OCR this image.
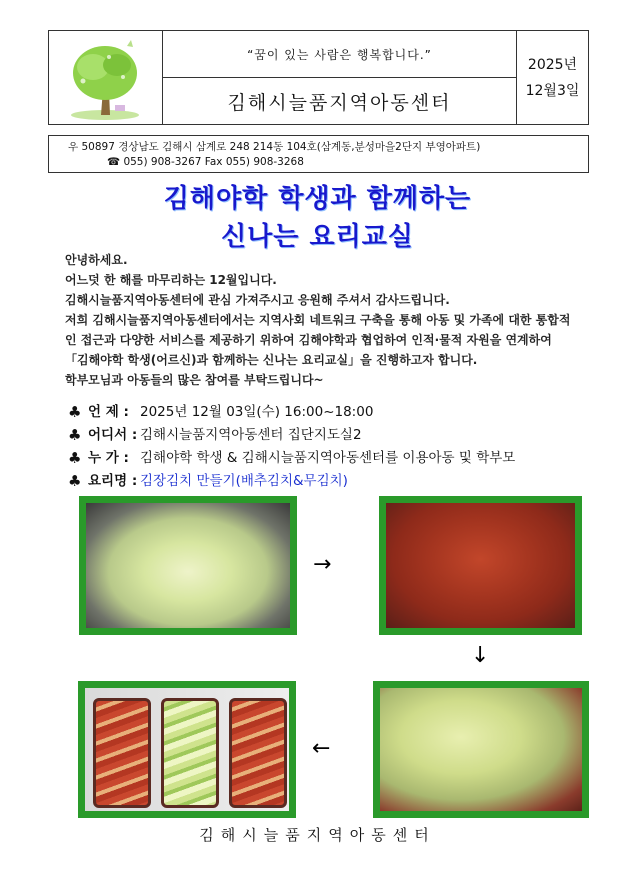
“꿈이 있는 사람은 행복합니다.”
김해시늘품지역아동센터
2025년
12월3일
우 50897 경상남도 김해시 삼계로 248 214동 104호(삼계동,분성마을2단지 부영아파트)
☎ 055) 908-3267 Fax 055) 908-3268
김해야학 학생과 함께하는
신나는 요리교실

안녕하세요.

어느덧 한 해를 마무리하는 12월입니다.

김해시늘품지역아동센터에 관심 가져주시고 응원해 주셔서 감사드립니다.

저희 김해시늘품지역아동센터에서는 지역사회 네트워크 구축을 통해 아동 및 가족에 대한 통합적인 접근과 다양한 서비스를 제공하기 위하여 김해야학과 협업하여 인적·물적 자원을 연계하여「김해야학 학생(어르신)과 함께하는 신나는 요리교실」을 진행하고자 합니다.

학부모님과 아동들의 많은 참여를 부탁드립니다~

♣ 언 제 : 2025년 12월 03일(수) 16:00~18:00
♣ 어디서 : 김해시늘품지역아동센터 집단지도실2
♣ 누 가 : 김해야학 학생 & 김해시늘품지역아동센터를 이용아동 및 학부모
♣ 요리명 : 김장김치 만들기(배추김치&무김치)
→
↓
←
김해시늘품지역아동센터
